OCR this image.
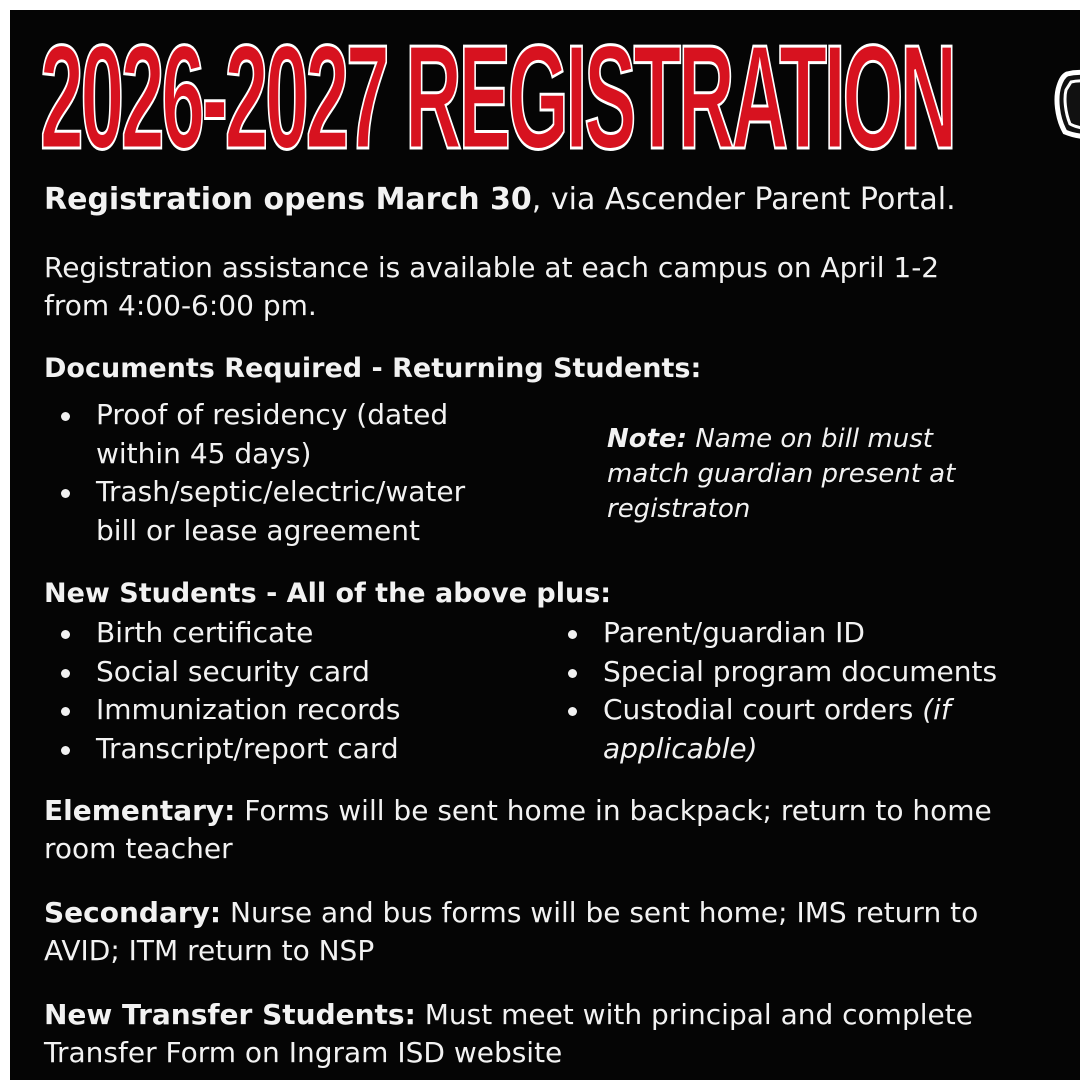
2026-2027 REGISTRATION

Registration opens March 30, via Ascender Parent Portal.

Registration assistance is available at each campus on April 1-2

from 4:00-6:00 pm.

Documents Required - Returning Students:

Proof of residency (dated
within 45 days)
Trash/septic/electric/water
bill or lease agreement
Note: Name on bill must
match guardian present at
registraton

New Students - All of the above plus:

Birth certificate
Social security card
Immunization records
Transcript/report card
Parent/guardian ID
Special program documents
Custodial court orders (if
applicable)

Elementary: Forms will be sent home in backpack; return to home

room teacher

Secondary: Nurse and bus forms will be sent home; IMS return to

AVID; ITM return to NSP

New Transfer Students: Must meet with principal and complete

Transfer Form on Ingram ISD website
